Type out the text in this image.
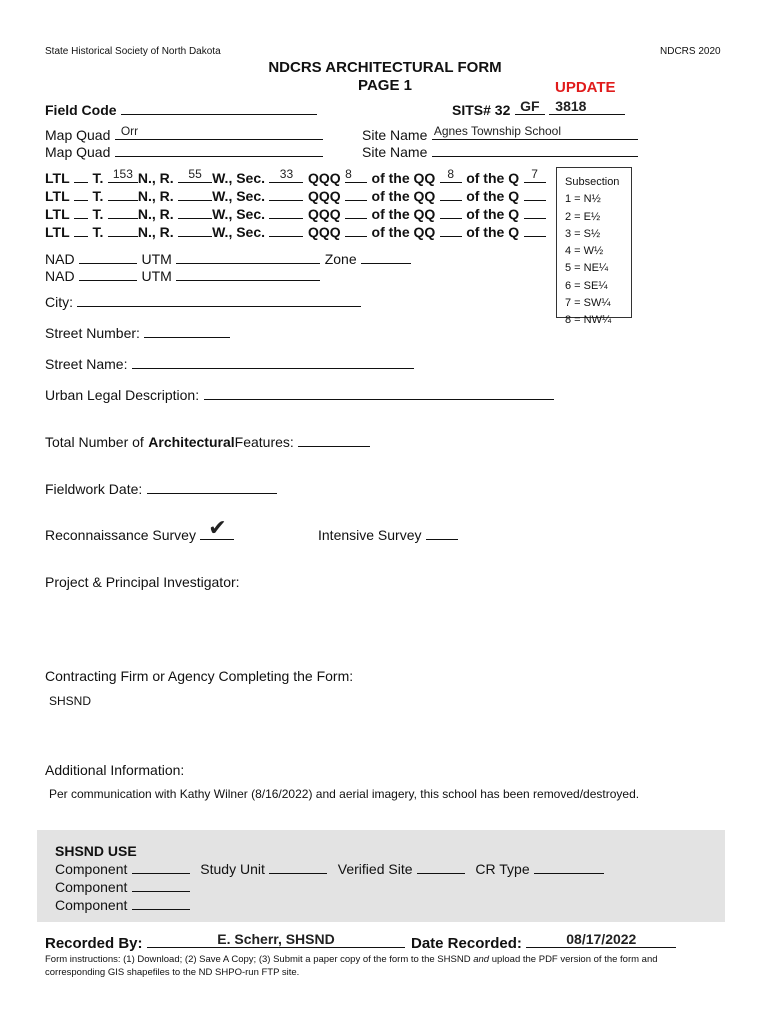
State Historical Society of North Dakota	NDCRS 2020
NDCRS ARCHITECTURAL FORM
PAGE 1	UPDATE
Field Code	SITS# 32 GF
	3818
Map Quad Orr
Map Quad
Site Name Agnes Township School
Site Name
LTL T. 153 N., R.	55 W., Sec.	33	QQQ 8	of the QQ	8 of the Q	7
LTL T. N., R.	W., Sec.	QQQ of the QQ of the Q
LTL T. N., R.	W., Sec.	QQQ of the QQ of the Q
LTL T. N., R.	W., Sec.	QQQ of the QQ of the Q
Subsection
1 = N½
2 = E½
3 = S½
4 = W½
5 = NE¼
6 = SE¼
7 = SW¼
8 = NW¼
NAD	UTM	Zone
NAD	UTM
City:
Street Number:
Street Name:
Urban Legal Description:
Total Number of ArchitecturalFeatures:
Fieldwork Date:
Reconnaissance Survey ✔	Intensive Survey
Project & Principal Investigator:
Contracting Firm or Agency Completing the Form:
SHSND
Additional Information:
Per communication with Kathy Wilner (8/16/2022) and aerial imagery, this school has been removed/destroyed.
SHSND USE
Component	Study Unit	Verified Site	CR Type
Component
Component
Recorded By:	E. Scherr, SHSND	Date Recorded:	08/17/2022
Form instructions: (1) Download; (2) Save A Copy; (3) Submit a paper copy of the form to the SHSND and upload the PDF version of the form and
corresponding GIS shapefiles to the ND SHPO-run FTP site.
